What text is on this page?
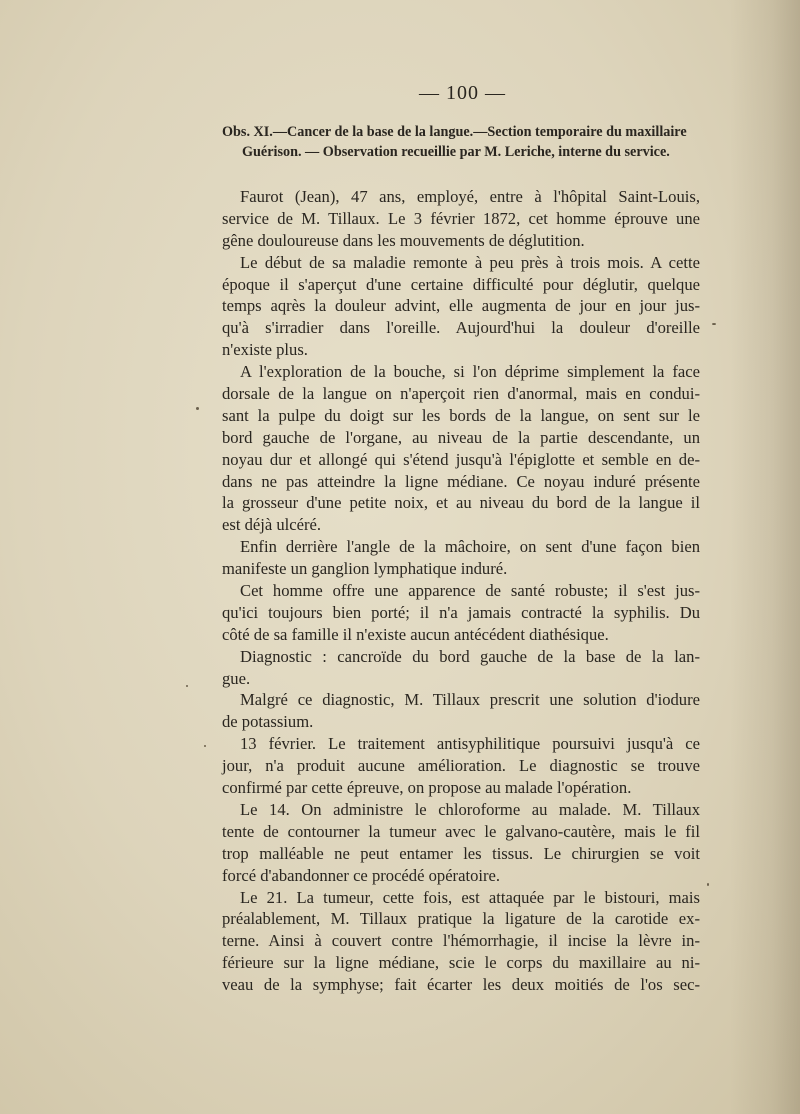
— 100 —
Obs. XI.—Cancer de la base de la langue.—Section temporaire du maxillaire
Guérison. — Observation recueillie par M. Leriche, interne du service.
Faurot (Jean), 47 ans, employé, entre à l'hôpital Saint-Louis,
service de M. Tillaux. Le 3 février 1872, cet homme éprouve une
gêne douloureuse dans les mouvements de déglutition.
Le début de sa maladie remonte à peu près à trois mois. A cette
époque il s'aperçut d'une certaine difficulté pour déglutir, quelque
temps aqrès la douleur advint, elle augmenta de jour en jour jus-
qu'à s'irradier dans l'oreille. Aujourd'hui la douleur d'oreille
n'existe plus.
A l'exploration de la bouche, si l'on déprime simplement la face
dorsale de la langue on n'aperçoit rien d'anormal, mais en condui-
sant la pulpe du doigt sur les bords de la langue, on sent sur le
bord gauche de l'organe, au niveau de la partie descendante, un
noyau dur et allongé qui s'étend jusqu'à l'épiglotte et semble en de-
dans ne pas atteindre la ligne médiane. Ce noyau induré présente
la grosseur d'une petite noix, et au niveau du bord de la langue il
est déjà ulcéré.
Enfin derrière l'angle de la mâchoire, on sent d'une façon bien
manifeste un ganglion lymphatique induré.
Cet homme offre une apparence de santé robuste; il s'est jus-
qu'ici toujours bien porté; il n'a jamais contracté la syphilis. Du
côté de sa famille il n'existe aucun antécédent diathésique.
Diagnostic : cancroïde du bord gauche de la base de la lan-
gue.
Malgré ce diagnostic, M. Tillaux prescrit une solution d'iodure
de potassium.
13 février. Le traitement antisyphilitique poursuivi jusqu'à ce
jour, n'a produit aucune amélioration. Le diagnostic se trouve
confirmé par cette épreuve, on propose au malade l'opération.
Le 14. On administre le chloroforme au malade. M. Tillaux
tente de contourner la tumeur avec le galvano-cautère, mais le fil
trop malléable ne peut entamer les tissus. Le chirurgien se voit
forcé d'abandonner ce procédé opératoire.
Le 21. La tumeur, cette fois, est attaquée par le bistouri, mais
préalablement, M. Tillaux pratique la ligature de la carotide ex-
terne. Ainsi à couvert contre l'hémorrhagie, il incise la lèvre in-
férieure sur la ligne médiane, scie le corps du maxillaire au ni-
veau de la symphyse; fait écarter les deux moitiés de l'os sec-
